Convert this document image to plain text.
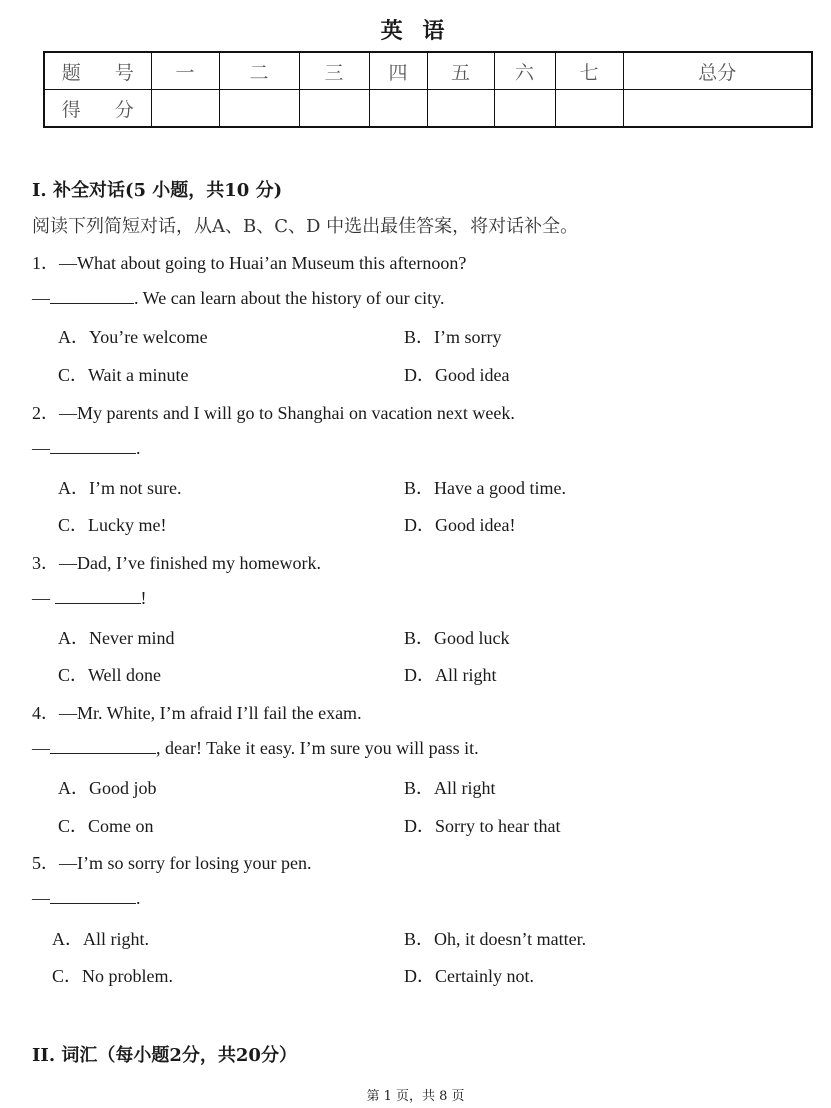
英 语
题 号	一	二	三	四	五	六	七	总分
得 分								
I. 补全对话(5 小题，共10 分)
阅读下列简短对话，从A、B、C、D 中选出最佳答案，将对话补全。
1．—What about going to Huai’an Museum this afternoon?
—	. We can learn about the history of our city.
A．You’re welcome	B．I’m sorry
C．Wait a minute	D．Good idea
2．—My parents and I will go to Shanghai on vacation next week.
—	.
A．I’m not sure.	B．Have a good time.
C．Lucky me!	D．Good idea!
3．—Dad, I’ve finished my homework.
—	!
A．Never mind	B．Good luck
C．Well done	D．All right
4．—Mr. White, I’m afraid I’ll fail the exam.
—	, dear! Take it easy. I’m sure you will pass it.
A．Good job	B．All right
C．Come on	D．Sorry to hear that
5．—I’m so sorry for losing your pen.
—	.
A．All right.	B．Oh, it doesn’t matter.
C．No problem.	D．Certainly not.
II. 词汇（每小题2分，共20分）
第 1 页，共 8 页
